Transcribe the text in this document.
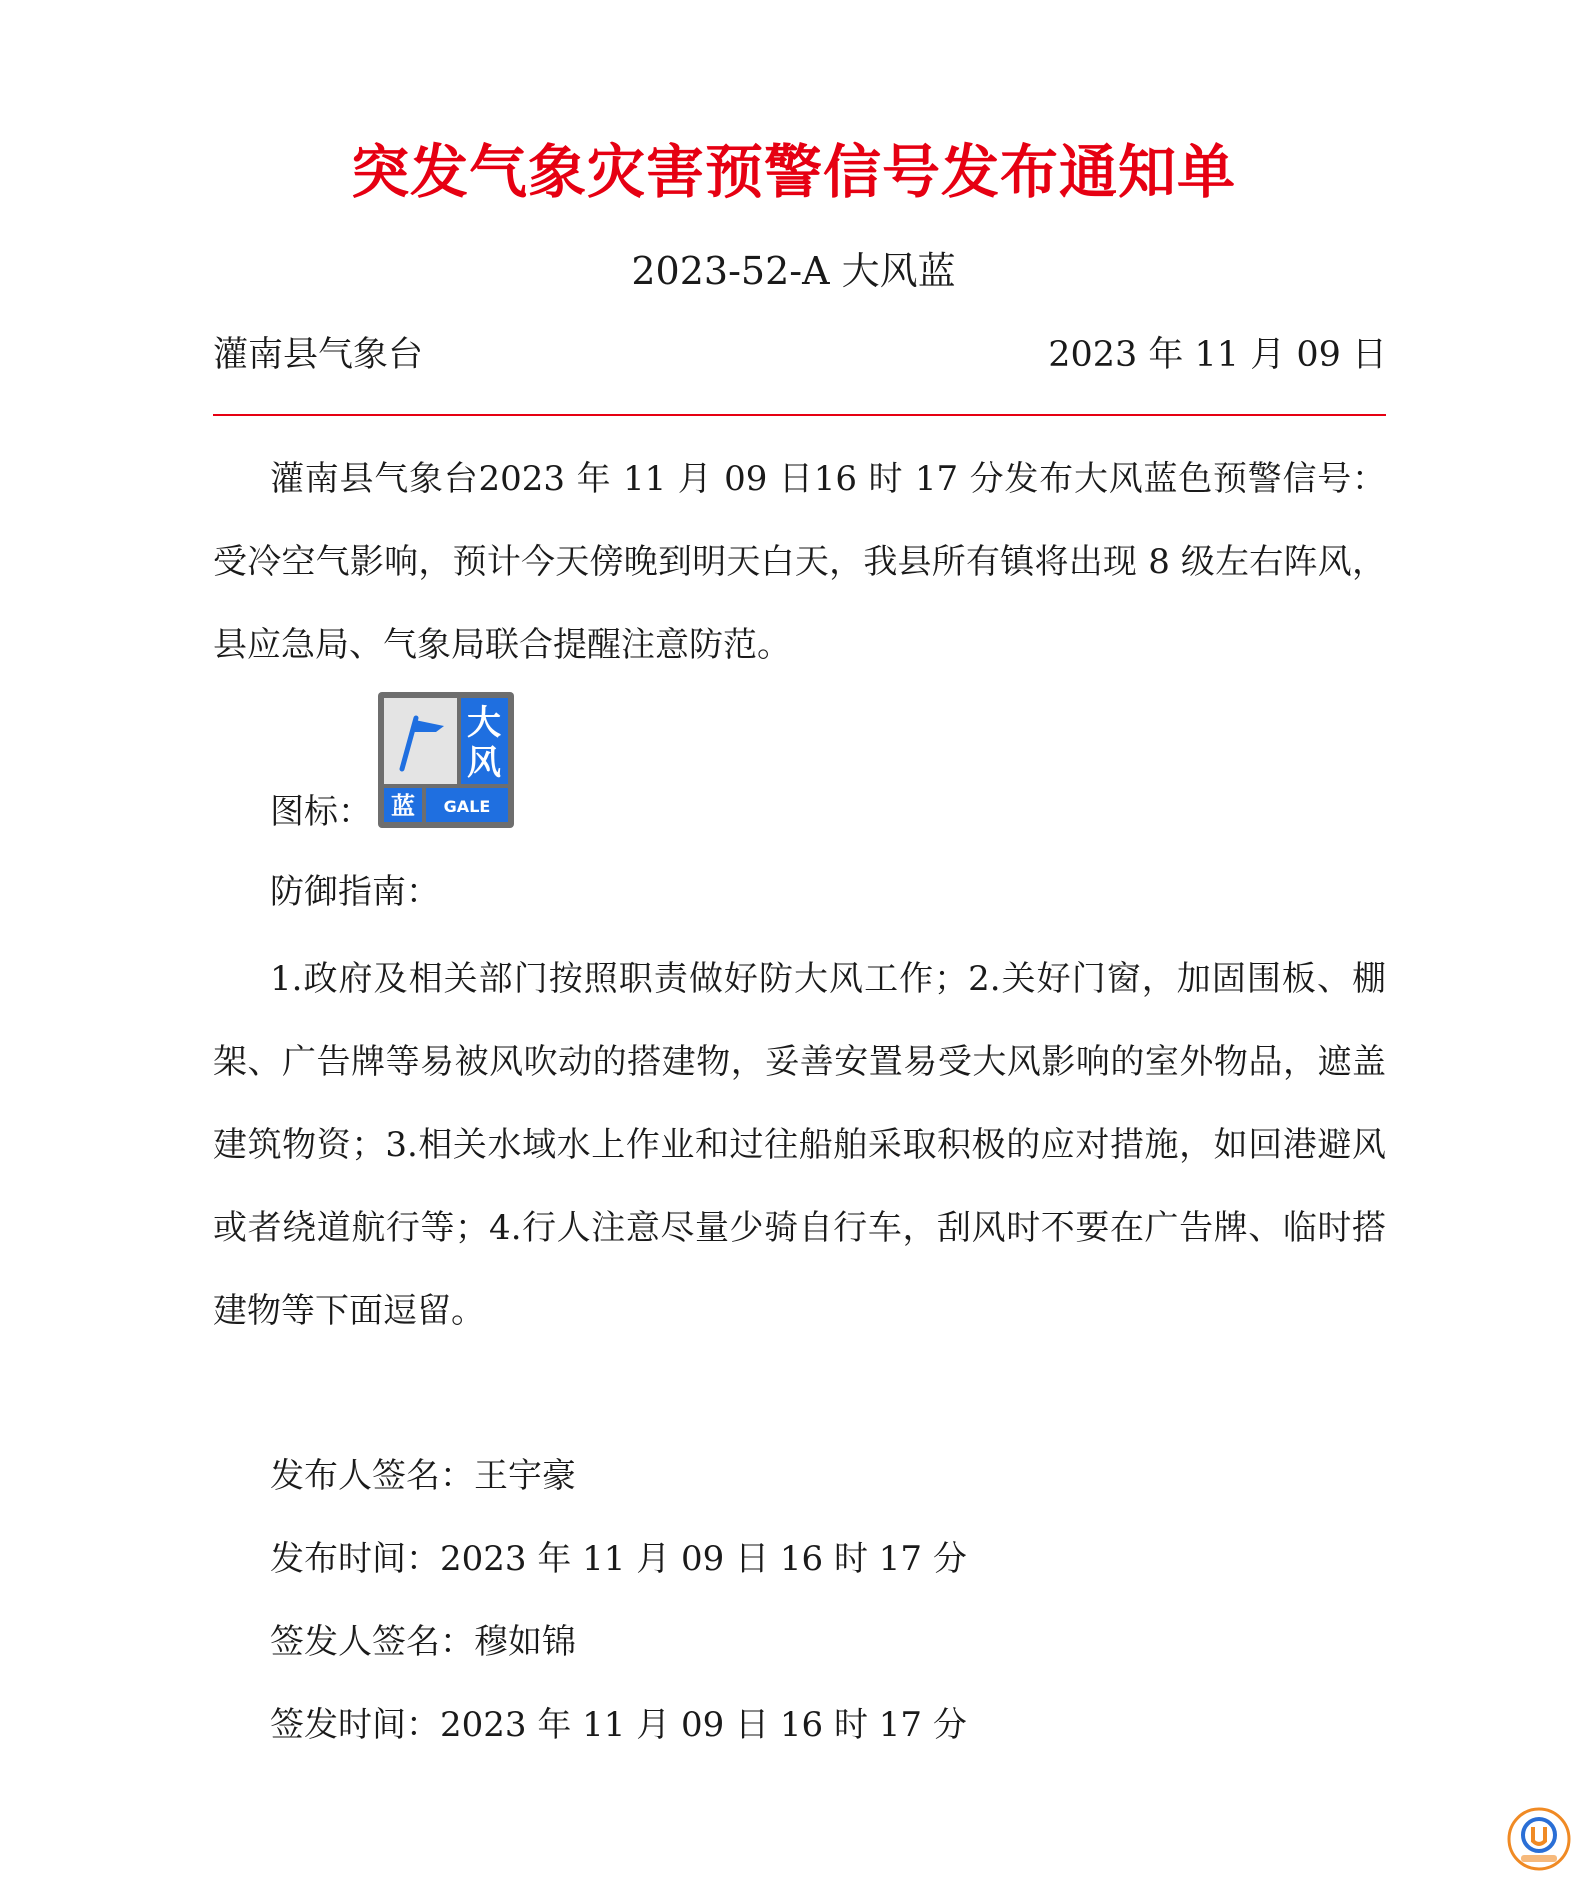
突发气象灾害预警信号发布通知单
2023-52-A 大风蓝
灌南县气象台	2023 年 11 月 09 日

灌南县气象台2023 年 11 月 09 日16 时 17 分发布大风蓝色预警信号：受冷空气影响，预计今天傍晚到明天白天，我县所有镇将出现 8 级左右阵风，县应急局、气象局联合提醒注意防范。

图标：
大
风
蓝 GALE
防御指南：

1.政府及相关部门按照职责做好防大风工作；2.关好门窗，加固围板、棚架、广告牌等易被风吹动的搭建物，妥善安置易受大风影响的室外物品，遮盖建筑物资；3.相关水域水上作业和过往船舶采取积极的应对措施，如回港避风或者绕道航行等；4.行人注意尽量少骑自行车，刮风时不要在广告牌、临时搭建物等下面逗留。

发布人签名：王宇豪
发布时间：2023 年 11 月 09 日 16 时 17 分
签发人签名：穆如锦
签发时间：2023 年 11 月 09 日 16 时 17 分
